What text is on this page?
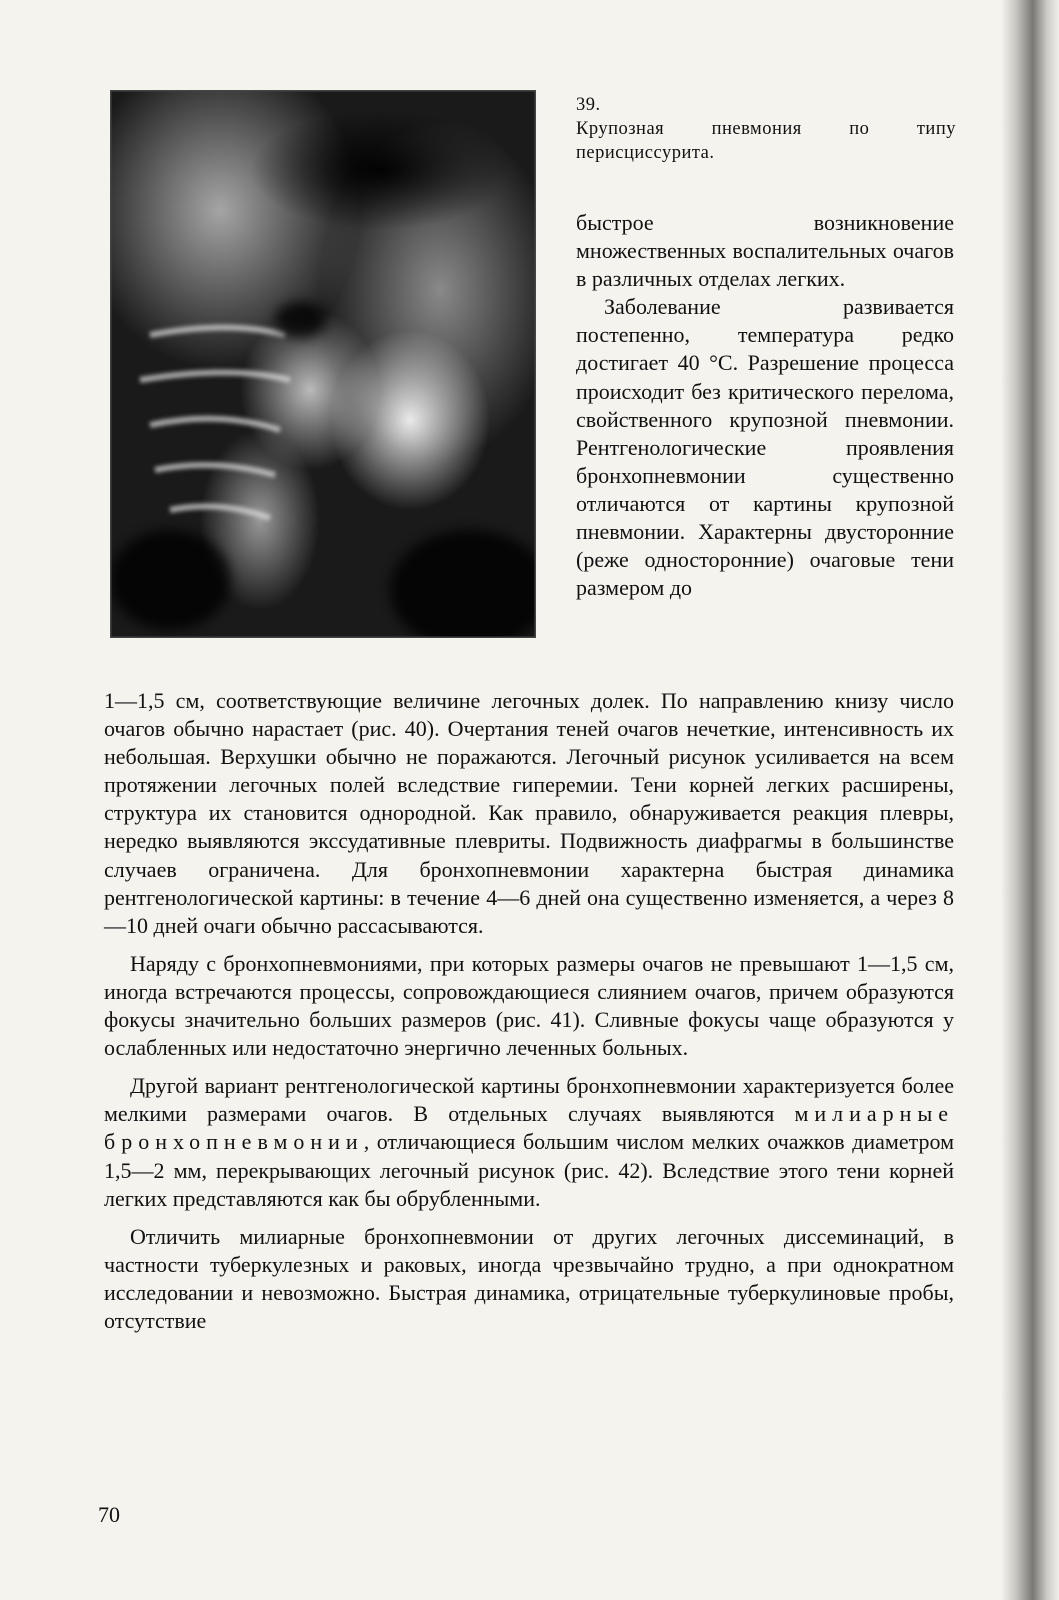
39.
Крупозная пневмония по типу перисциссурита.

быстрое возникновение множественных воспалительных очагов в различных отделах легких.

Заболевание развивается постепенно, температура редко достигает 40 °С. Разрешение процесса происходит без критического перелома, свойственного крупозной пневмонии. Рентгенологические проявления бронхопневмонии существенно отличаются от картины крупозной пневмонии. Характерны двусторонние (реже односторонние) очаговые тени размером до

1—1,5 см, соответствующие величине легочных долек. По направлению книзу число очагов обычно нарастает (рис. 40). Очертания теней очагов нечеткие, интенсивность их небольшая. Верхушки обычно не поражаются. Легочный рисунок усиливается на всем протяжении легочных полей вследствие гиперемии. Тени корней легких расширены, структура их становится однородной. Как правило, обнаруживается реакция плевры, нередко выявляются экссудативные плевриты. Подвижность диафрагмы в большинстве случаев ограничена. Для бронхопневмонии характерна быстрая динамика рентгенологической картины: в течение 4—6 дней она существенно изменяется, а через 8—10 дней очаги обычно рассасываются.

Наряду с бронхопневмониями, при которых размеры очагов не превышают 1—1,5 см, иногда встречаются процессы, сопровождающиеся слиянием очагов, причем образуются фокусы значительно больших размеров (рис. 41). Сливные фокусы чаще образуются у ослабленных или недостаточно энергично леченных больных.

Другой вариант рентгенологической картины бронхопневмонии характеризуется более мелкими размерами очагов. В отдельных случаях выявляются милиарные бронхопневмонии, отличающиеся большим числом мелких очажков диаметром 1,5—2 мм, перекрывающих легочный рисунок (рис. 42). Вследствие этого тени корней легких представляются как бы обрубленными.

Отличить милиарные бронхопневмонии от других легочных диссеминаций, в частности туберкулезных и раковых, иногда чрезвычайно трудно, а при однократном исследовании и невозможно. Быстрая динамика, отрицательные туберкулиновые пробы, отсутствие

70
